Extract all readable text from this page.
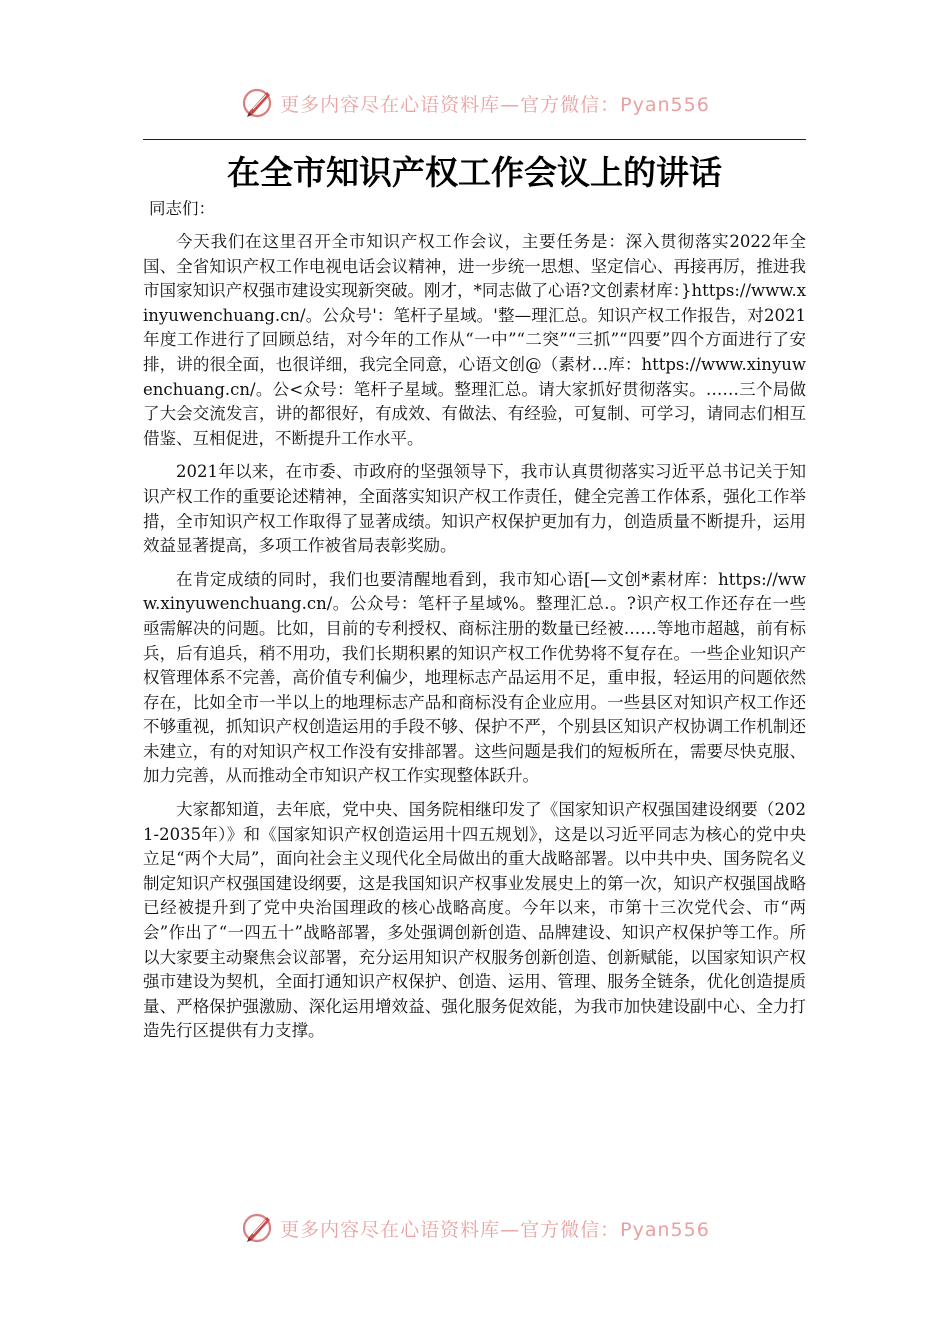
更多内容尽在心语资料库—官方微信：Pyan556
在全市知识产权工作会议上的讲话
同志们：

今天我们在这里召开全市知识产权工作会议，主要任务是：深入贯彻落实2022年全国、全省知识产权工作电视电话会议精神，进一步统一思想、坚定信心、再接再厉，推进我市国家知识产权强市建设实现新突破。刚才，*同志做了心语?文创素材库：}https://www.xinyuwenchuang.cn/。公众号'：笔杆子星域。'整—理汇总。知识产权工作报告，对2021年度工作进行了回顾总结，对今年的工作从“一中”“二突”“三抓”“四要”四个方面进行了安排，讲的很全面，也很详细，我完全同意，心语文创@（素材…库：https://www.xinyuwenchuang.cn/。公<众号：笔杆子星域。整理汇总。请大家抓好贯彻落实。……三个局做了大会交流发言，讲的都很好，有成效、有做法、有经验，可复制、可学习，请同志们相互借鉴、互相促进，不断提升工作水平。

2021年以来，在市委、市政府的坚强领导下，我市认真贯彻落实习近平总书记关于知识产权工作的重要论述精神，全面落实知识产权工作责任，健全完善工作体系，强化工作举措，全市知识产权工作取得了显著成绩。知识产权保护更加有力，创造质量不断提升，运用效益显著提高，多项工作被省局表彰奖励。

在肯定成绩的同时，我们也要清醒地看到，我市知心语[—文创*素材库：https://www.xinyuwenchuang.cn/。公众号：笔杆子星域%。整理汇总.。?识产权工作还存在一些亟需解决的问题。比如，目前的专利授权、商标注册的数量已经被……等地市超越，前有标兵，后有追兵，稍不用功，我们长期积累的知识产权工作优势将不复存在。一些企业知识产权管理体系不完善，高价值专利偏少，地理标志产品运用不足，重申报，轻运用的问题依然存在，比如全市一半以上的地理标志产品和商标没有企业应用。一些县区对知识产权工作还不够重视，抓知识产权创造运用的手段不够、保护不严，个别县区知识产权协调工作机制还未建立，有的对知识产权工作没有安排部署。这些问题是我们的短板所在，需要尽快克服、加力完善，从而推动全市知识产权工作实现整体跃升。

大家都知道，去年底，党中央、国务院相继印发了《国家知识产权强国建设纲要（2021-2035年）》和《国家知识产权创造运用十四五规划》，这是以习近平同志为核心的党中央立足“两个大局”，面向社会主义现代化全局做出的重大战略部署。以中共中央、国务院名义制定知识产权强国建设纲要，这是我国知识产权事业发展史上的第一次，知识产权强国战略已经被提升到了党中央治国理政的核心战略高度。今年以来，市第十三次党代会、市“两会”作出了“一四五十”战略部署，多处强调创新创造、品牌建设、知识产权保护等工作。所以大家要主动聚焦会议部署，充分运用知识产权服务创新创造、创新赋能，以国家知识产权强市建设为契机，全面打通知识产权保护、创造、运用、管理、服务全链条，优化创造提质量、严格保护强激励、深化运用增效益、强化服务促效能，为我市加快建设副中心、全力打造先行区提供有力支撑。

更多内容尽在心语资料库—官方微信：Pyan556
